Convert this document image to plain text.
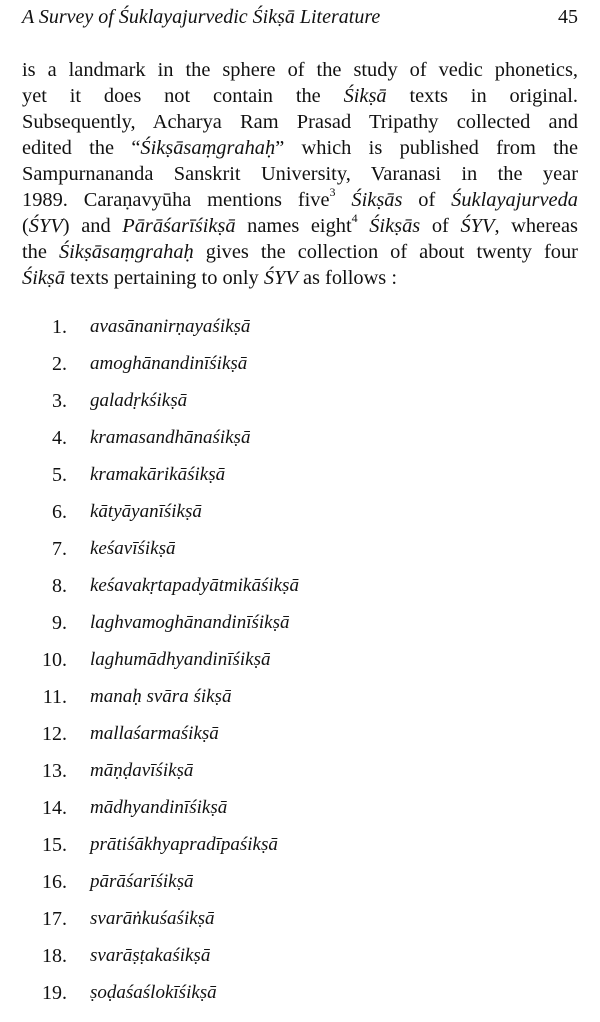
A Survey of Śuklayajurvedic Śikṣā Literature	45
is a landmark in the sphere of the study of vedic phonetics,
yet it does not contain the Śikṣā texts in original.
Subsequently, Acharya Ram Prasad Tripathy collected and
edited the “Śikṣāsaṃgrahaḥ” which is published from the
Sampurnananda Sanskrit University, Varanasi in the year
1989. Caraṇavyūha mentions five$^3$ Śikṣās of Śuklayajurveda
(ŚYV) and Pārāśarīśikṣā names eight$^4$ Śikṣās of ŚYV, whereas
the Śikṣāsaṃgrahaḥ gives the collection of about twenty four
Śikṣā texts pertaining to only ŚYV as follows :
1. avasānanirṇayaśikṣā
2. amoghānandinīśikṣā
3. galadṛkśikṣā
4. kramasandhānaśikṣā
5. kramakārikāśikṣā
6. kātyāyanīśikṣā
7. keśavīśikṣā
8. keśavakṛtapadyātmikāśikṣā
9. laghvamoghānandinīśikṣā
10. laghumādhyandinīśikṣā
11. manaḥ svāra śikṣā
12. mallaśarmaśikṣā
13. māṇḍavīśikṣā
14. mādhyandinīśikṣā
15. prātiśākhyapradīpaśikṣā
16. pārāśarīśikṣā
17. svarāṅkuśaśikṣā
18. svarāṣṭakaśikṣā
19. ṣoḍaśaślokīśikṣā
